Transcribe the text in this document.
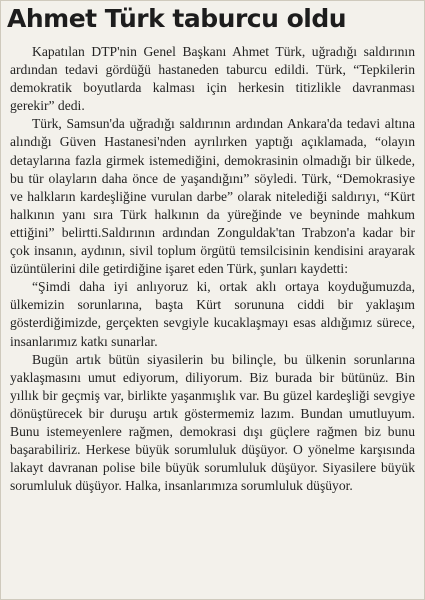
Ahmet Türk taburcu oldu

Kapatılan DTP'nin Genel Başkanı Ahmet Türk, uğradığı saldırının ardından tedavi gördüğü hastaneden taburcu edildi. Türk, “Tepkilerin demokratik boyutlarda kalması için herkesin titizlikle davranması gerekir” dedi.

Türk, Samsun'da uğradığı saldırının ardından Ankara'da tedavi altına alındığı Güven Hastanesi'nden ayrılırken yaptığı açıklamada, “olayın detaylarına fazla girmek istemediğini, demokrasinin olmadığı bir ülkede, bu tür olayların daha önce de yaşandığını” söyledi. Türk, “Demokrasiye ve halkların kardeşliğine vurulan darbe” olarak nitelediği saldırıyı, “Kürt halkının yanı sıra Türk halkının da yüreğinde ve beyninde mahkum ettiğini” belirtti.Saldırının ardından Zonguldak'tan Trabzon'a kadar bir çok insanın, aydının, sivil toplum örgütü temsilcisinin kendisini arayarak üzüntülerini dile getirdiğine işaret eden Türk, şunları kaydetti:

“Şimdi daha iyi anlıyoruz ki, ortak aklı ortaya koyduğumuzda, ülkemizin sorunlarına, başta Kürt sorununa ciddi bir yaklaşım gösterdiğimizde, gerçekten sevgiyle kucaklaşmayı esas aldığımız sürece, insanlarımız katkı sunarlar.

Bugün artık bütün siyasilerin bu bilinçle, bu ülkenin sorunlarına yaklaşmasını umut ediyorum, diliyorum. Biz burada bir bütünüz. Bin yıllık bir geçmiş var, birlikte yaşanmışlık var. Bu güzel kardeşliği sevgiye dönüştürecek bir duruşu artık göstermemiz lazım. Bundan umutluyum. Bunu istemeyenlere rağmen, demokrasi dışı güçlere rağmen biz bunu başarabiliriz. Herkese büyük sorumluluk düşüyor. O yönelme karşısında lakayt davranan polise bile büyük sorumluluk düşüyor. Siyasilere büyük sorumluluk düşüyor. Halka, insanlarımıza sorumluluk düşüyor.
